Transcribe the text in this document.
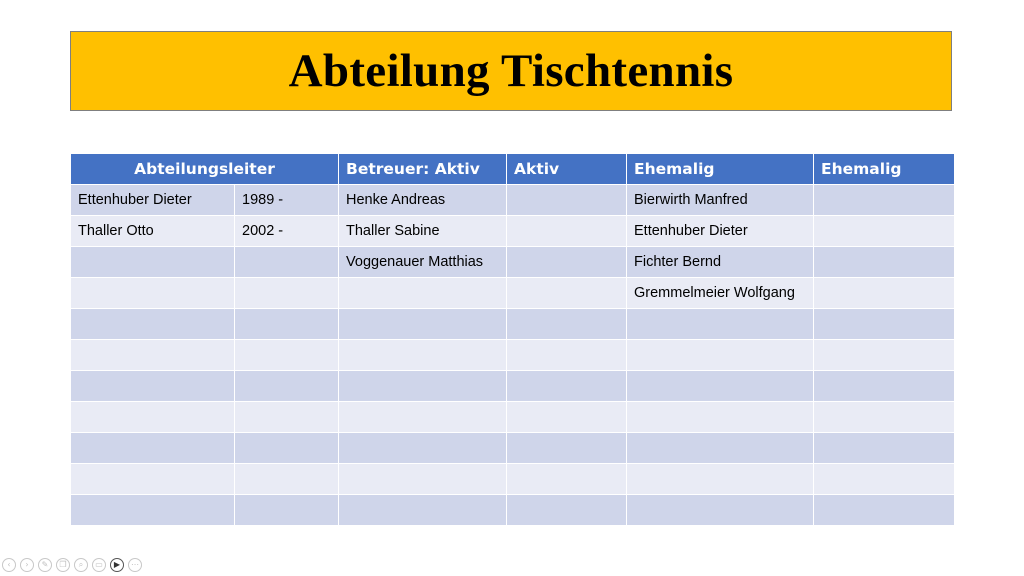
Abteilung Tischtennis
Abteilungsleiter		Betreuer: Aktiv	Aktiv	Ehemalig	Ehemalig
Ettenhuber Dieter	1989 -	Henke Andreas		Bierwirth Manfred	
Thaller Otto	2002 -	Thaller Sabine		Ettenhuber Dieter	
		Voggenauer Matthias		Fichter Bernd	
				Gremmelmeier Wolfgang	

‹	›	✎	❐	⌕	▭	▶	⋯
